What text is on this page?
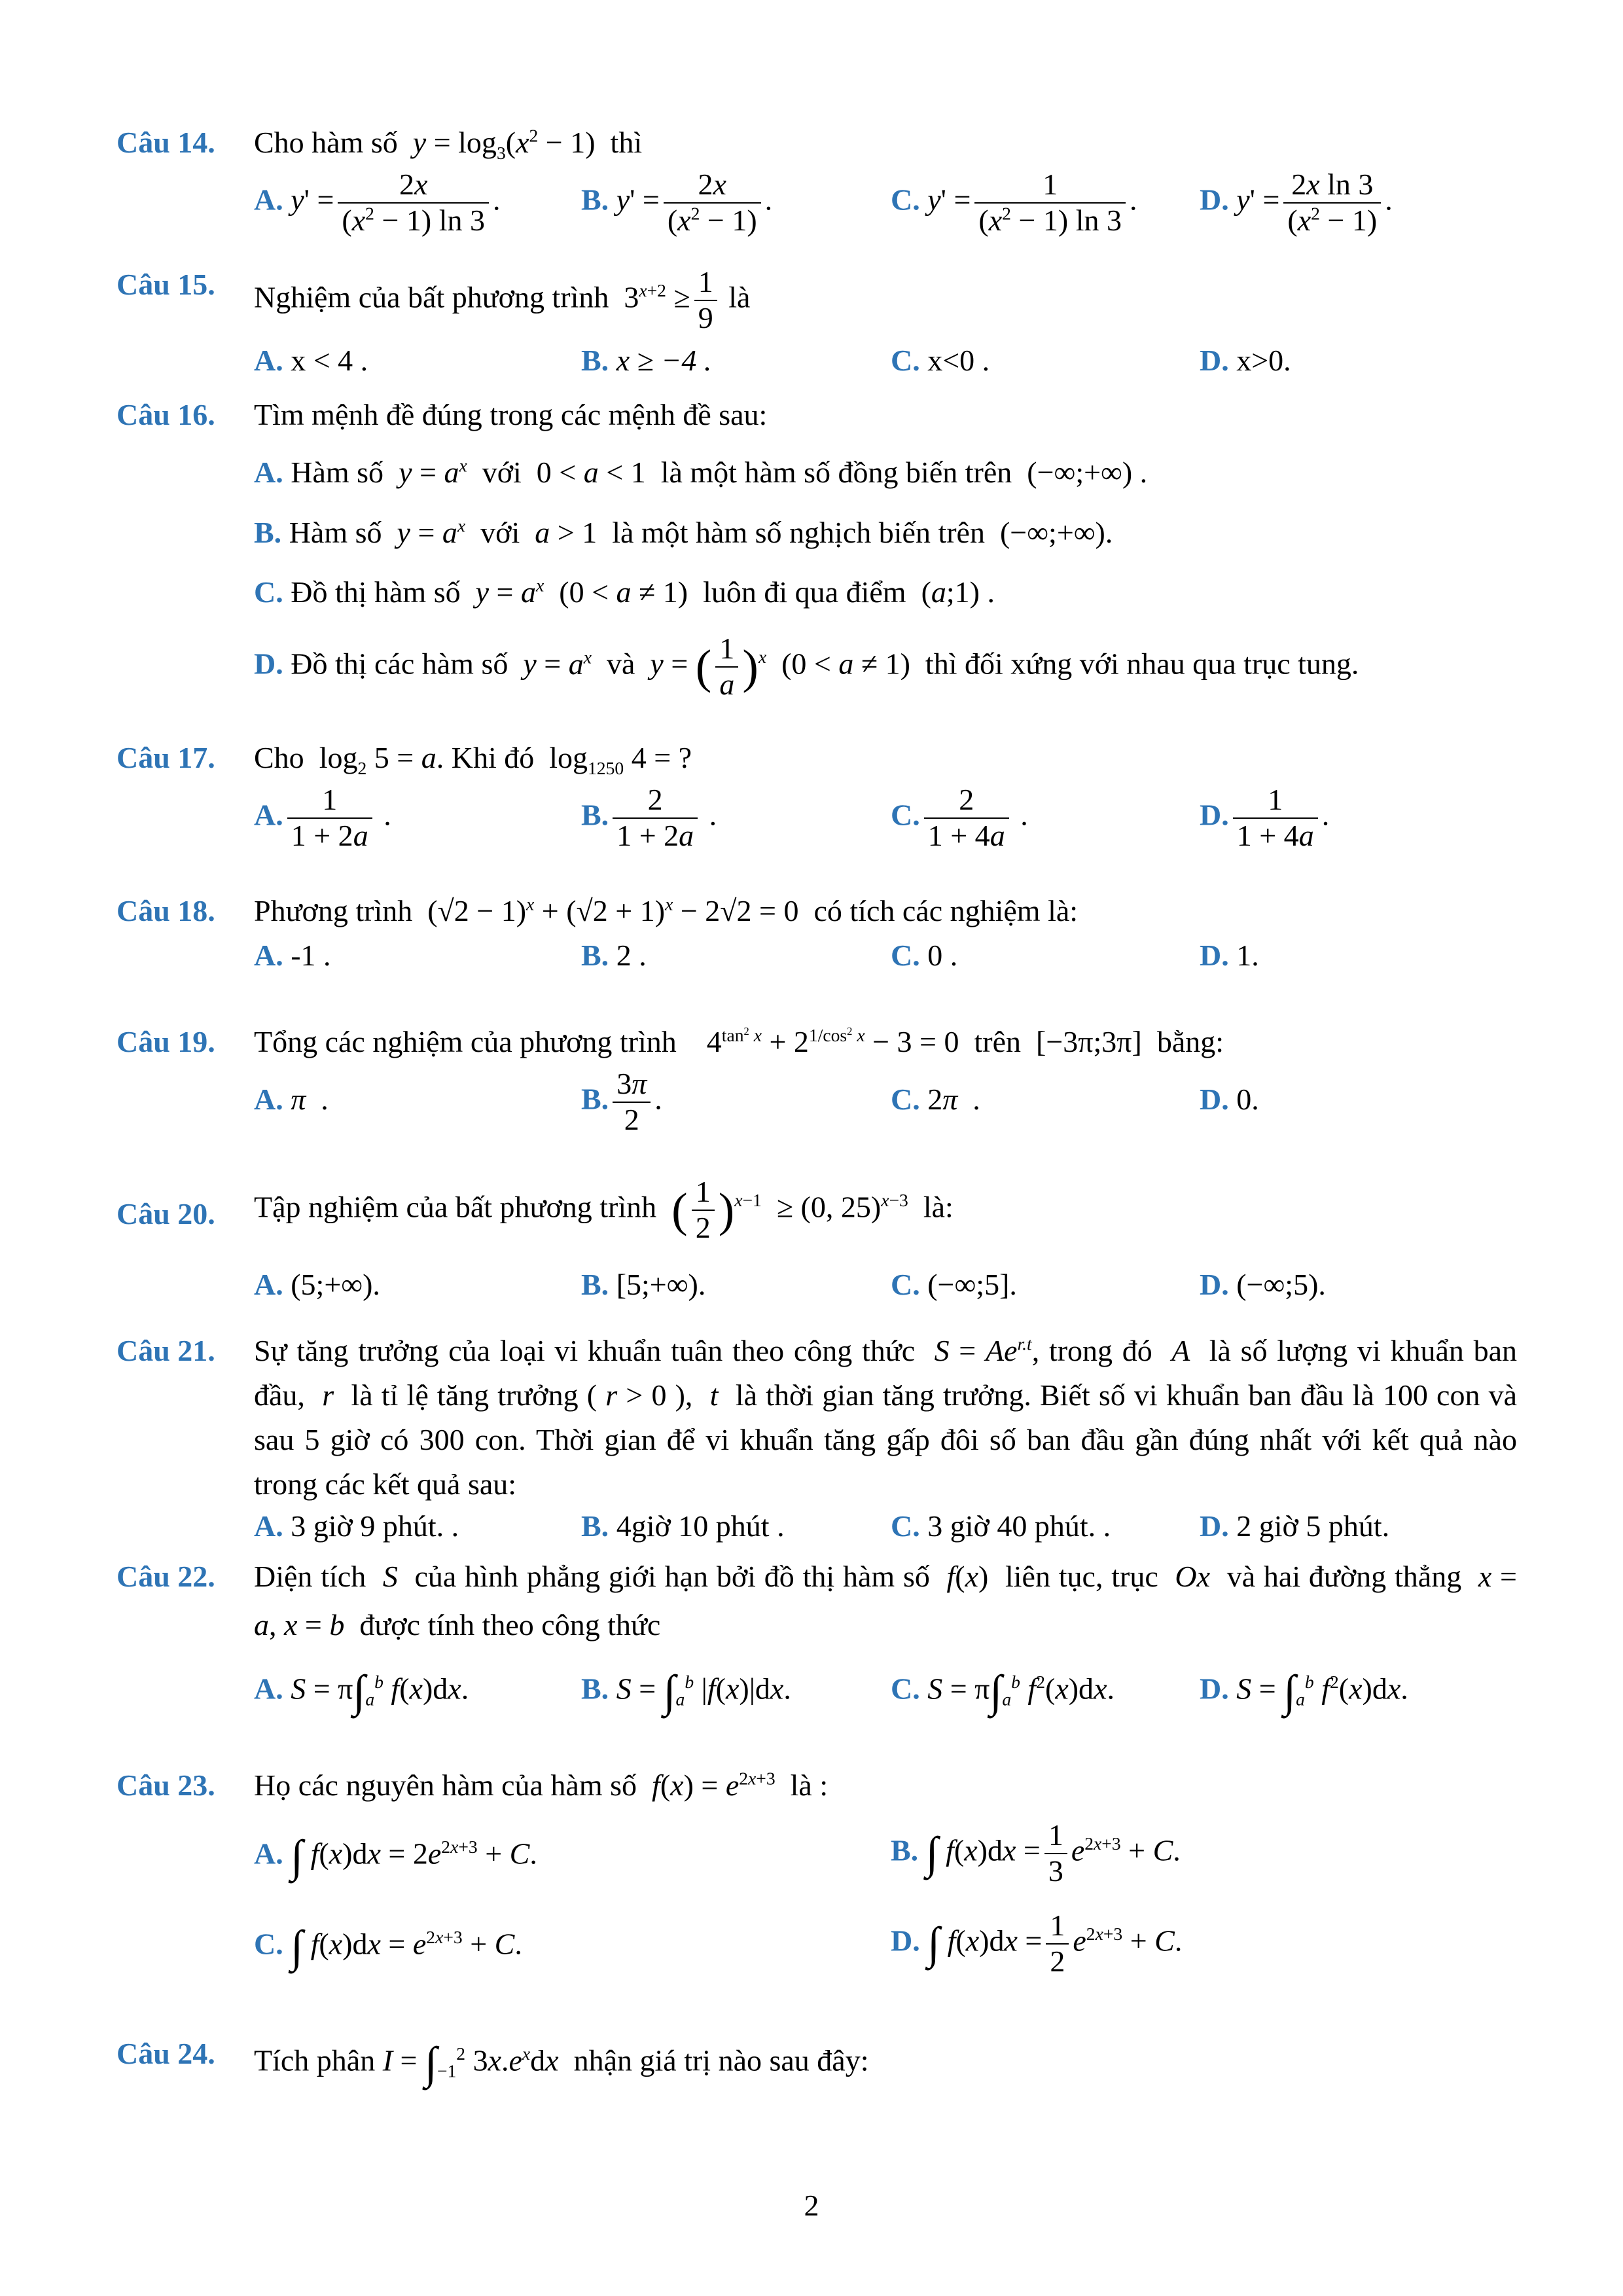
Câu 14. Cho hàm số $y = \log_3(x^2 - 1)$  thì
A. $y' = \frac{2x}{(x^2 - 1) \ln 3}$ .	B. $y' = \frac{2x}{(x^2 - 1)}$ .	C. $y' = \frac{1}{(x^2 - 1) \ln 3}$ . D. $y' = \frac{\text{2x ln 3}}{(x^2 - 1)}$ .
Câu 15. Nghiệm của bất phương trình  $3^{x+2} \ge \frac{1}{9}$ là
A. x < 4 .	B. x ≥ −4 .	C. x<0 .	D. x>0.
Câu 16. Tìm mệnh đề đúng trong các mệnh đề sau:
A. Hàm số $y = a^x$ với  0 < a < 1  là một hàm số đồng biến trên  (−∞;+∞) .
B. Hàm số $y = a^x$ với a > 1  là một hàm số nghịch biến trên  (−∞;+∞).
C. Đồ thị hàm số $y = a^x$  (0 < a ≠ 1)  luôn đi qua điểm  (a;1) .
D. Đồ thị các hàm số $y = a^x$ và y = ( $\frac{1}{a} )^x$  (0 < a ≠ 1)  thì đối xứng với nhau qua trục tung.
Câu 17. Cho  $\log_2 5 = a$. Khi đó  $\log_{1250} 4$ = ?
A. $\frac{1}{1 + 2a}$ .	B. $\frac{2}{1 + 2a}$ .	C. $\frac{2}{1 + 4a}$ .	D. $\frac{1}{1 + 4a}$ .
Câu 18. Phương trình  $(√2 - 1)^x + (√2 + 1)^x - 2√2 = 0$  có tích các nghiệm là:
A. -1 .	B. 2 .	C. 0 .	D. 1.
Câu 19. Tổng các nghiệm của phương trình    $4^{tan^2 x} + 2^{1/cos^2 x} - 3 = 0$  trên  [−3π;3π]  bằng:
A. π  .	B. $\frac{3\pi}{2}$ .	C. 2π  .	D. 0.
Câu 20. Tập nghiệm của bất phương trình ( $\frac{1}{2} )^{x-1} \ge (0$, 25)$^{x-3}$ là:
A. (5;+∞).	B. [5;+∞).	C. (−∞;5].	D. (−∞;5).
Câu 21. Sự tăng trưởng của loại vi khuẩn tuân theo công thức $S = Ae^{r.t}$, trong đó A là số lượng vi khuẩn ban đầu, r là tỉ lệ tăng trưởng ( r > 0 ), t là thời gian tăng trưởng. Biết số vi khuẩn ban đầu là 100 con và sau 5 giờ có 300 con. Thời gian để vi khuẩn tăng gấp đôi số ban đầu gần đúng nhất với kết quả nào trong các kết quả sau:
A. 3 giờ 9 phút. .	B. 4giờ 10 phút .	C. 3 giờ 40 phút. .	D. 2 giờ 5 phút.
Câu 22. Diện tích S của hình phẳng giới hạn bởi đồ thị hàm số f(x)  liên tục, trục Ox và hai đường thẳng x = a, x = b được tính theo công thức
A. $S = \pi\int_a^b$ f(x)dx.	B. $S = \int_a^b$ |f(x)|dx.	C. $S = \pi\int_a^b$ $f^2(x)dx$.	D. $S = \int_a^b$ $f^2(x)dx$.
Câu 23. Họ các nguyên hàm của hàm số $f(x) = e^{2x+3}$ là :
A. ∫ $f(x)dx = 2e^{2x+3} + C$.	B. ∫ $f(x)dx = \frac{1}{3} e^{2x+3} + C$.
C. ∫ $f(x)dx = e^{2x+3} + C$.	D. ∫ $f(x)dx = \frac{1}{2} e^{2x+3} + C$.
Câu 24. Tích phân $I = \int_{-1}^2$ $3x.e^xdx$ nhận giá trị nào sau đây:
2
